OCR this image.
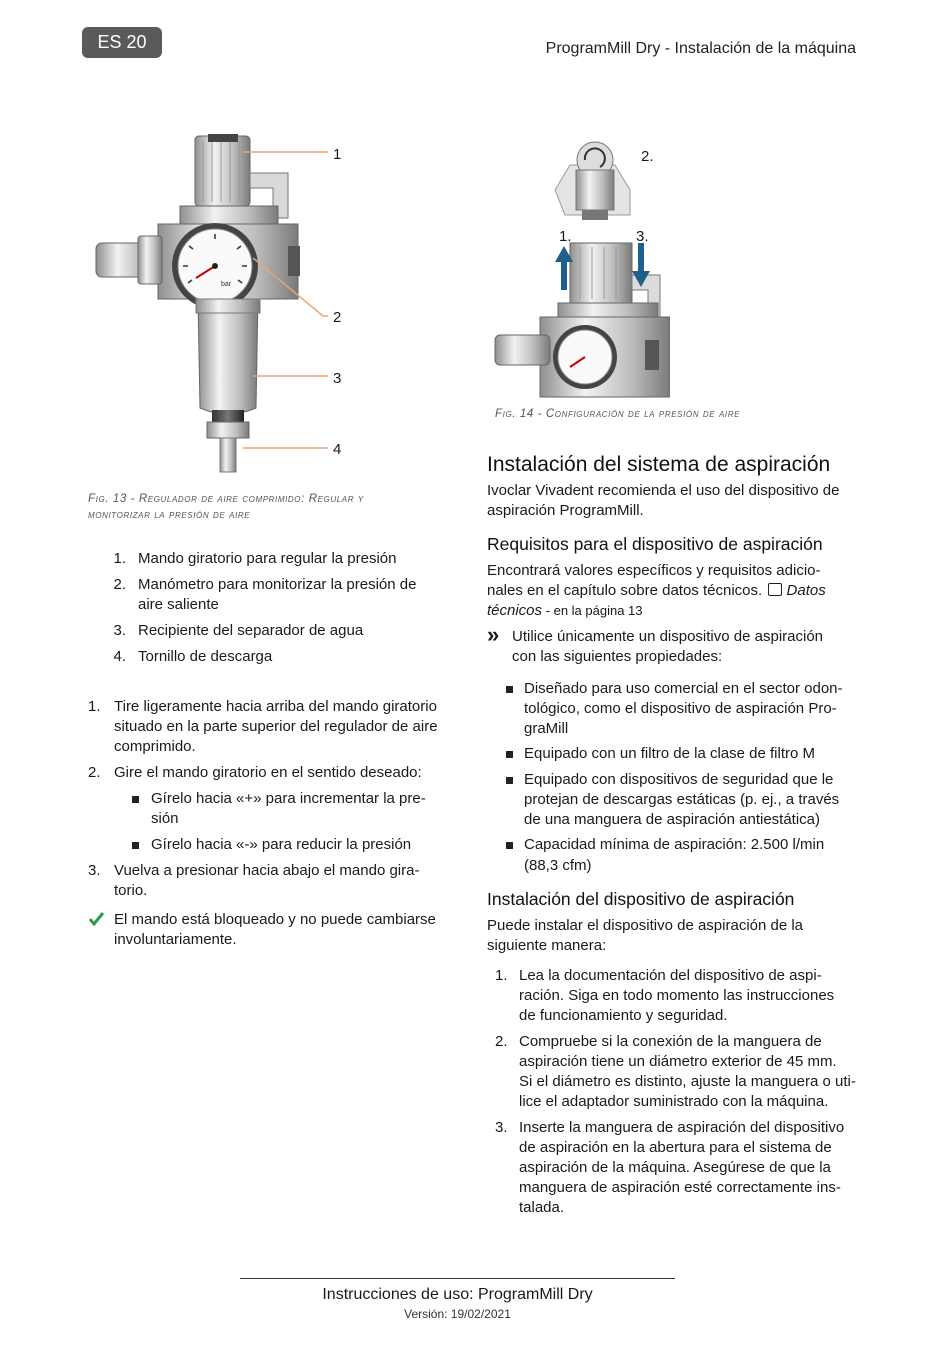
ES 20	ProgramMill Dry - Instalación de la máquina
bar
1
2
3
4
Fig. 13 - Regulador de aire comprimido: Regular y
monitorizar la presión de aire
2.
1.	3.
Fig. 14 - Configuración de la presión de aire
1. Mando giratorio para regular la presión
2. Manómetro para monitorizar la presión de
aire saliente
3. Recipiente del separador de agua
4. Tornillo de descarga
1. Tire ligeramente hacia arriba del mando giratorio
situado en la parte superior del regulador de aire
comprimido.
2. Gire el mando giratorio en el sentido deseado:
Gírelo hacia «+» para incrementar la pre-
sión
Gírelo hacia «-» para reducir la presión
3. Vuelva a presionar hacia abajo el mando gira-
torio.
El mando está bloqueado y no puede cambiarse
involuntariamente.
Instalación del sistema de aspiración
Ivoclar Vivadent recomienda el uso del dispositivo de
aspiración ProgramMill.
Requisitos para el dispositivo de aspiración
Encontrará valores específicos y requisitos adicio-
nales en el capítulo sobre datos técnicos. Datos
técnicos - en la página 13
» Utilice únicamente un dispositivo de aspiración
con las siguientes propiedades:
Diseñado para uso comercial en el sector odon-
tológico, como el dispositivo de aspiración Pro-
graMill
Equipado con un filtro de la clase de filtro M
Equipado con dispositivos de seguridad que le
protejan de descargas estáticas (p. ej., a través
de una manguera de aspiración antiestática)
Capacidad mínima de aspiración: 2.500 l/min
(88,3 cfm)
Instalación del dispositivo de aspiración
Puede instalar el dispositivo de aspiración de la
siguiente manera:
1. Lea la documentación del dispositivo de aspi-
ración. Siga en todo momento las instrucciones
de funcionamiento y seguridad.
2. Compruebe si la conexión de la manguera de
aspiración tiene un diámetro exterior de 45 mm.
Si el diámetro es distinto, ajuste la manguera o uti-
lice el adaptador suministrado con la máquina.
3. Inserte la manguera de aspiración del dispositivo
de aspiración en la abertura para el sistema de
aspiración de la máquina. Asegúrese de que la
manguera de aspiración esté correctamente ins-
talada.
Instrucciones de uso: ProgramMill Dry
Versión: 19/02/2021
